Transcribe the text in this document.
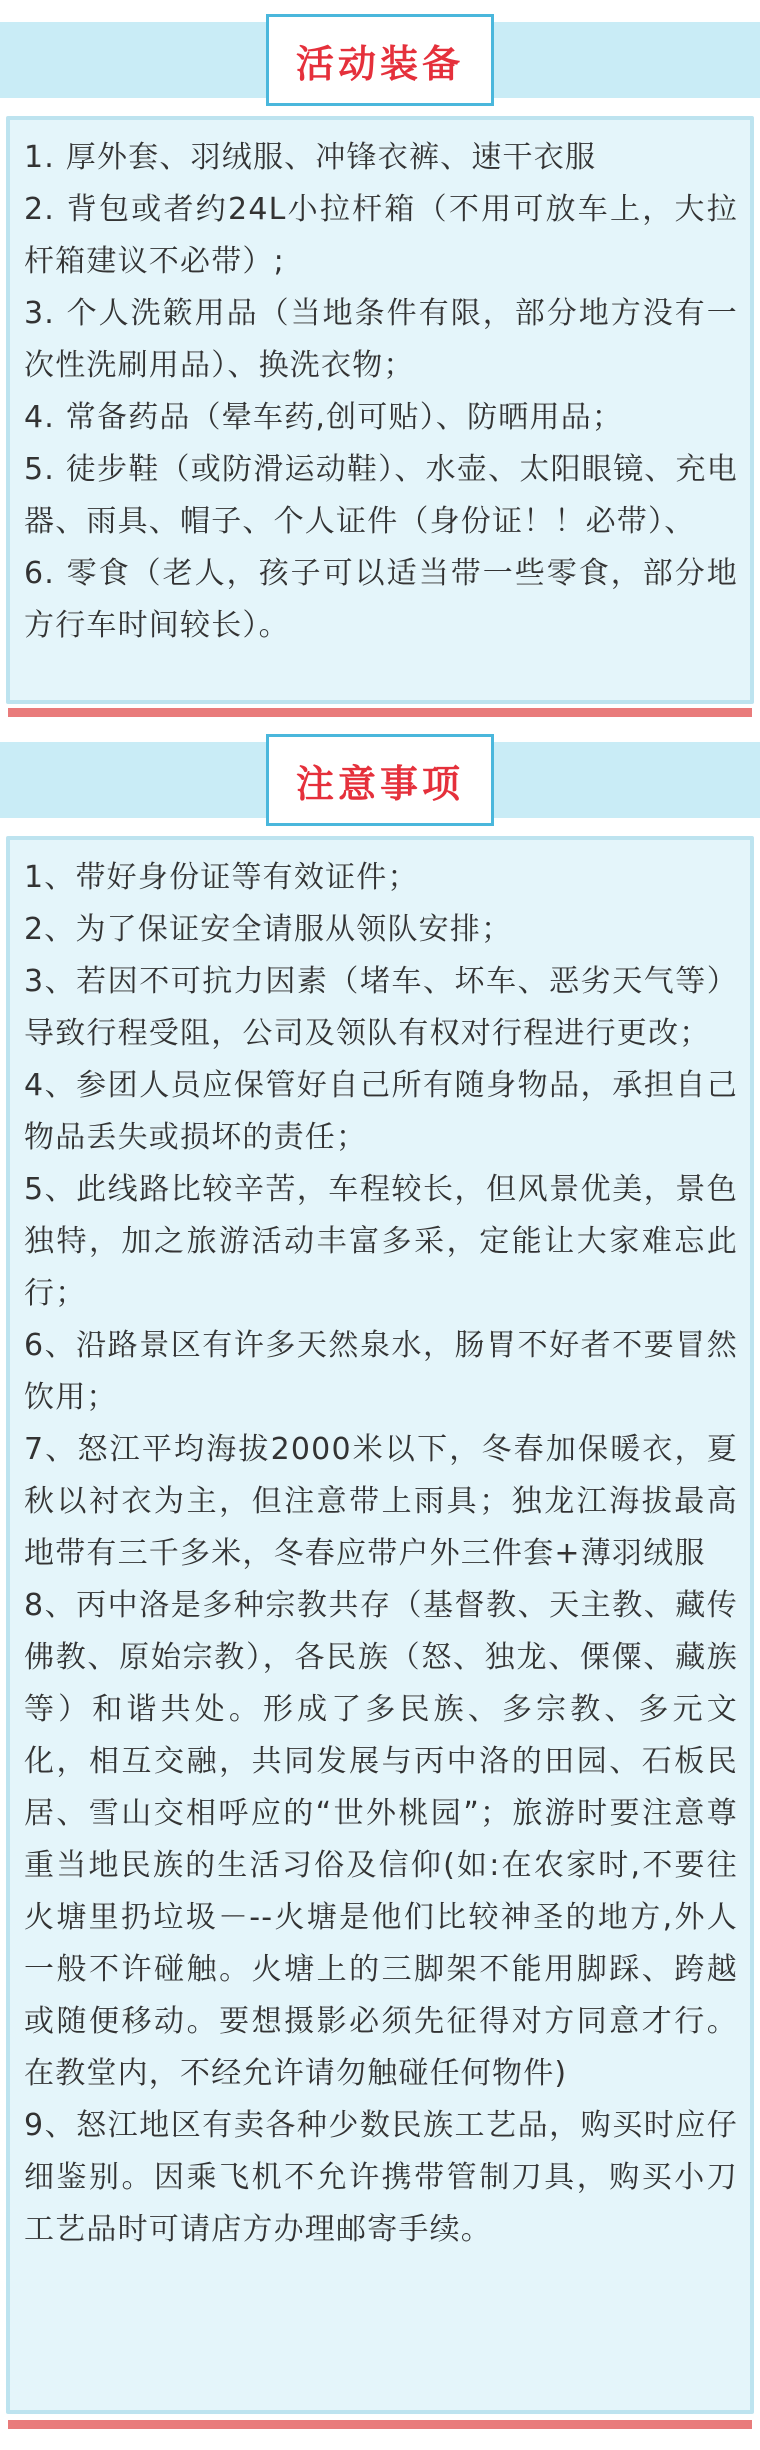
活动装备

1. 厚外套、羽绒服、冲锋衣裤、速干衣服

2. 背包或者约24L小拉杆箱（不用可放车上，大拉杆箱建议不必带）;

3. 个人洗簌用品（当地条件有限，部分地方没有一次性洗刷用品）、换洗衣物；

4. 常备药品（晕车药,创可贴）、防晒用品；

5. 徒步鞋（或防滑运动鞋）、水壶、太阳眼镜、充电器、雨具、帽子、个人证件（身份证！！必带）、

6. 零食（老人，孩子可以适当带一些零食，部分地方行车时间较长）。

注意事项

1、带好身份证等有效证件；

2、为了保证安全请服从领队安排；

3、若因不可抗力因素（堵车、坏车、恶劣天气等）导致行程受阻，公司及领队有权对行程进行更改；

4、参团人员应保管好自己所有随身物品，承担自己物品丢失或损坏的责任；

5、此线路比较辛苦，车程较长，但风景优美，景色独特，加之旅游活动丰富多采，定能让大家难忘此行；

6、沿路景区有许多天然泉水，肠胃不好者不要冒然饮用；

7、怒江平均海拔2000米以下，冬春加保暖衣，夏秋以衬衣为主，但注意带上雨具；独龙江海拔最高地带有三千多米，冬春应带户外三件套+薄羽绒服

8、丙中洛是多种宗教共存（基督教、天主教、藏传佛教、原始宗教），各民族（怒、独龙、傈僳、藏族等）和谐共处。形成了多民族、多宗教、多元文化，相互交融，共同发展与丙中洛的田园、石板民居、雪山交相呼应的“世外桃园”；旅游时要注意尊重当地民族的生活习俗及信仰(如:在农家时,不要往火塘里扔垃圾－--火塘是他们比较神圣的地方,外人一般不许碰触。火塘上的三脚架不能用脚踩、跨越或随便移动。要想摄影必须先征得对方同意才行。在教堂内，不经允许请勿触碰任何物件)

9、怒江地区有卖各种少数民族工艺品，购买时应仔细鉴别。因乘飞机不允许携带管制刀具，购买小刀工艺品时可请店方办理邮寄手续。
